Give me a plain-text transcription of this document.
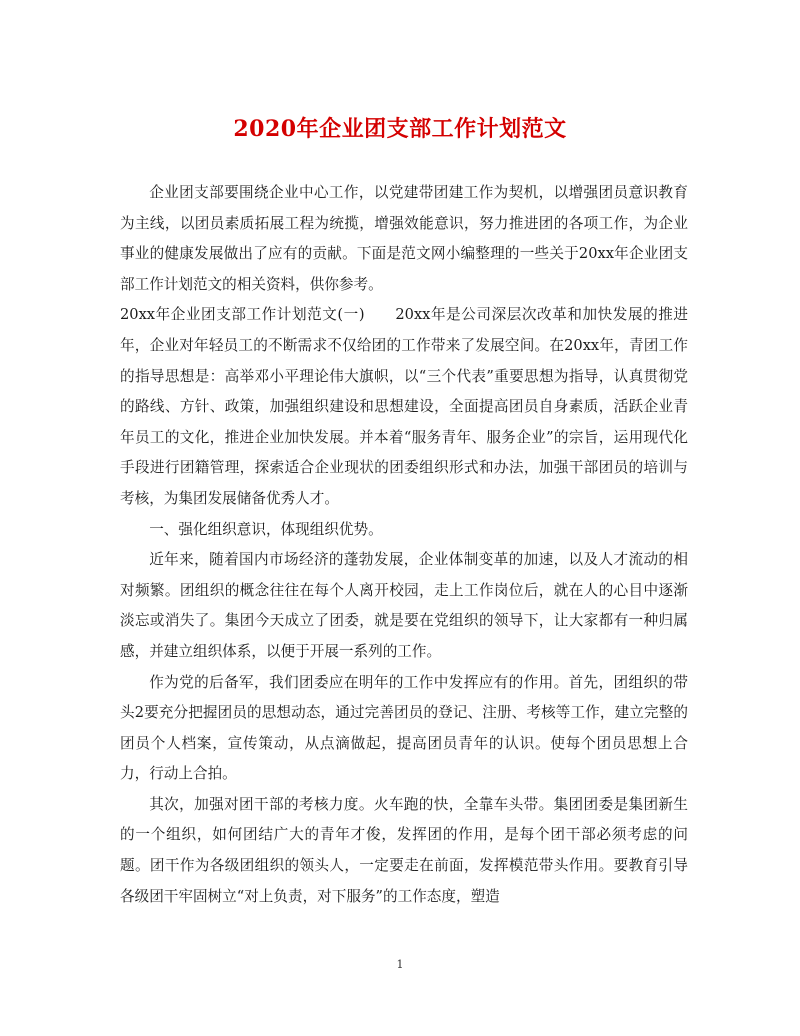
2020年企业团支部工作计划范文

企业团支部要围绕企业中心工作，以党建带团建工作为契机，以增强团员意识教育为主线，以团员素质拓展工程为统揽，增强效能意识，努力推进团的各项工作，为企业事业的健康发展做出了应有的贡献。下面是范文网小编整理的一些关于20xx年企业团支部工作计划范文的相关资料，供你参考。

20xx年企业团支部工作计划范文(一)　　20xx年是公司深层次改革和加快发展的推进年，企业对年轻员工的不断需求不仅给团的工作带来了发展空间。在20xx年，青团工作的指导思想是：高举邓小平理论伟大旗帜，以“三个代表”重要思想为指导，认真贯彻党的路线、方针、政策，加强组织建设和思想建设，全面提高团员自身素质，活跃企业青年员工的文化，推进企业加快发展。并本着“服务青年、服务企业”的宗旨，运用现代化手段进行团籍管理，探索适合企业现状的团委组织形式和办法，加强干部团员的培训与考核，为集团发展储备优秀人才。

一、强化组织意识，体现组织优势。

近年来，随着国内市场经济的蓬勃发展，企业体制变革的加速，以及人才流动的相对频繁。团组织的概念往往在每个人离开校园，走上工作岗位后，就在人的心目中逐渐淡忘或消失了。集团今天成立了团委，就是要在党组织的领导下，让大家都有一种归属感，并建立组织体系，以便于开展一系列的工作。

作为党的后备军，我们团委应在明年的工作中发挥应有的作用。首先，团组织的带头2要充分把握团员的思想动态，通过完善团员的登记、注册、考核等工作，建立完整的团员个人档案，宣传策动，从点滴做起，提高团员青年的认识。使每个团员思想上合力，行动上合拍。

其次，加强对团干部的考核力度。火车跑的快，全靠车头带。集团团委是集团新生的一个组织，如何团结广大的青年才俊，发挥团的作用，是每个团干部必须考虑的问题。团干作为各级团组织的领头人，一定要走在前面，发挥模范带头作用。要教育引导各级团干牢固树立“对上负责，对下服务”的工作态度，塑造

1
